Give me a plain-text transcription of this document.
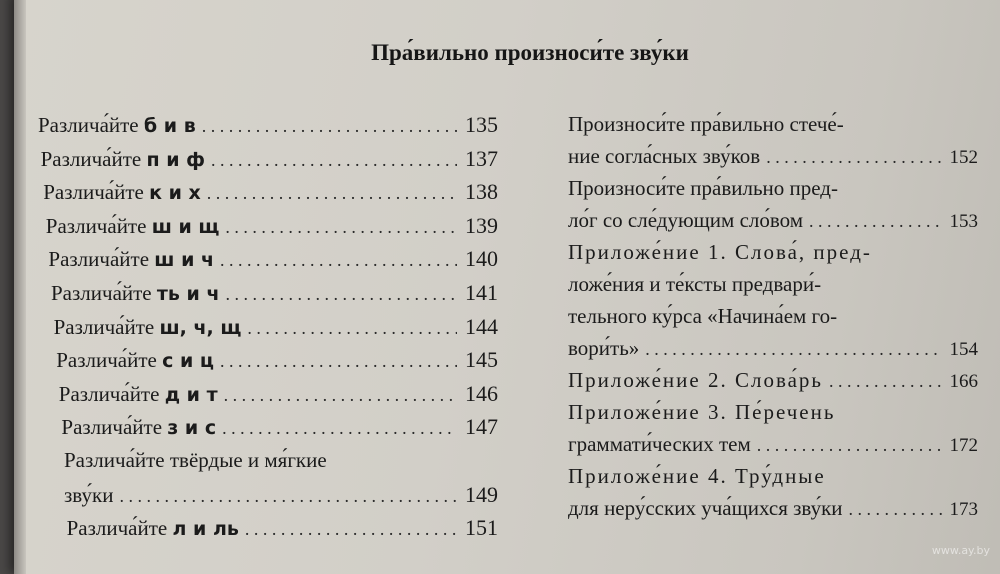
Пра́вильно произноси́те зву́ки
Различа́йте б и в . . .	135
Различа́йте п и ф . . .	137
Различа́йте к и х . . .	138
Различа́йте ш и щ . . .	139
Различа́йте ш и ч . . .	140
Различа́йте ть и ч . . .	141
Различа́йте ш, ч, щ . . .	144
Различа́йте с и ц . . .	145
Различа́йте д и т . . .	146
Различа́йте з и с . . .	147
Различа́йте твёрдые и мя́гкие
зву́ки . . .	149
Различа́йте л и ль . . .	151
Произноси́те пра́вильно стече́-
ние согла́сных зву́ков . . .	152
Произноси́те пра́вильно пред-
ло́г со сле́дующим сло́вом . . .	153
Приложе́ние 1. Слова́, пред-
ложе́ния и те́ксты предвари́-
тельного ку́рса «Начина́ем го-
вори́ть» . . .	154
Приложе́ние 2. Слова́рь . . .	166
Приложе́ние 3. Пе́речень
граммати́ческих тем . . .	172
Приложе́ние 4. Тру́дные
для неру́сских уча́щихся зву́ки . . .	173
www.ay.by
